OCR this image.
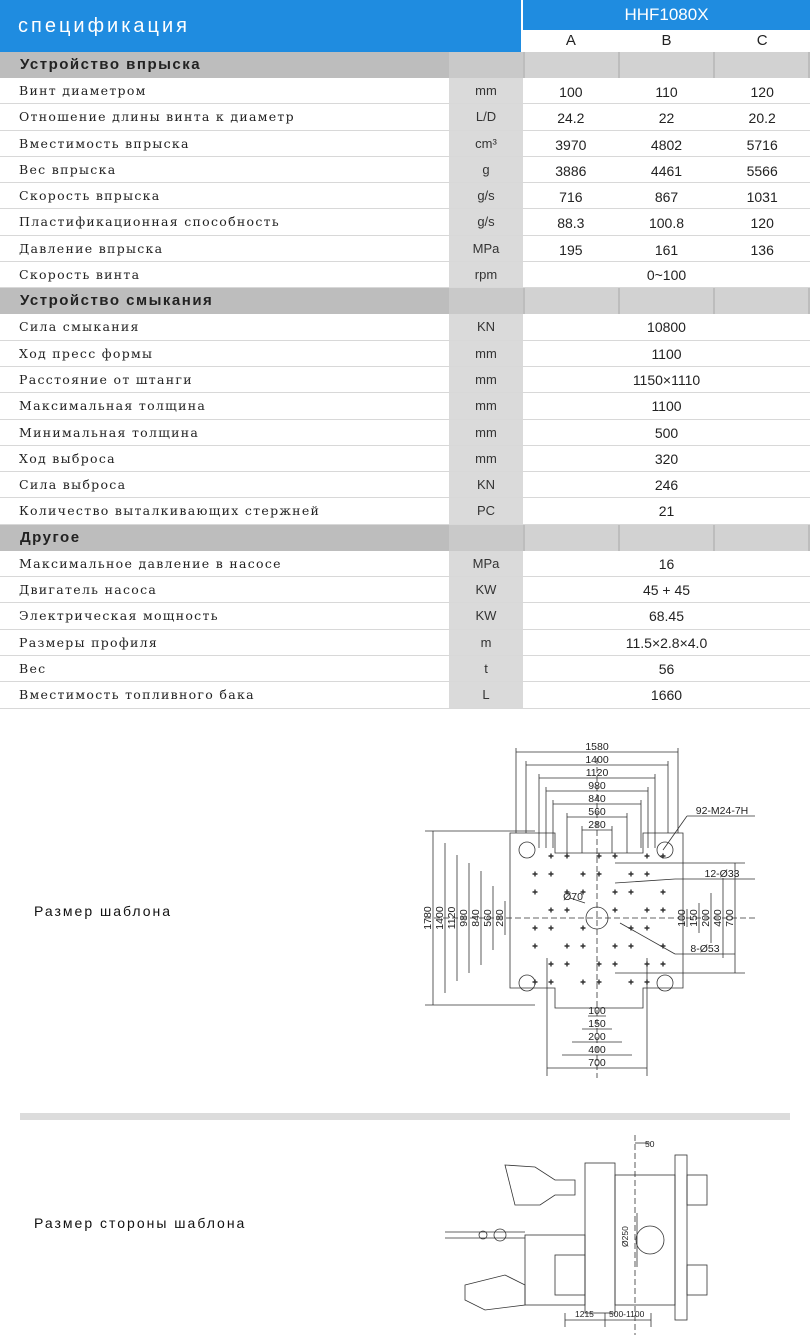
спецификация
HHF1080X
A	B	C
Устройство впрыска
Винт диаметром	mm	100	110	120
Отношение длины винта к диаметр	L/D	24.2	22	20.2
Вместимость впрыска	cm³	3970	4802	5716
Вес впрыска	g	3886	4461	5566
Скорость впрыска	g/s	716	867	1031
Пластификационная способность	g/s	88.3	100.8	120
Давление впрыска	MPa	195	161	136
Скорость винта	rpm	0~100
Устройство смыкания
Сила смыкания	KN	10800
Ход пресс формы	mm	1100
Расстояние от штанги	mm	1150×1110
Максимальная толщина	mm	1100
Минимальная толщина	mm	500
Ход выброса	mm	320
Сила выброса	KN	246
Количество выталкивающих стержней	PC	21
Другое
Максимальное давление в насосе	MPa	16
Двигатель насоса	KW	45 + 45
Электрическая мощность	KW	68.45
Размеры профиля	m	11.5×2.8×4.0
Вес	t	56
Вместимость топливного бака	L	1660
Размер шаблона
1580
1400
1120
980
840
560
280
1780 1400 1120 980 840 560 280	100 150 200 400 700
100
150
200
400
700
92-M24-7H
12-Ø33
Ø70
8-Ø53
Размер стороны шаблона
50
Ø250
1215 500-1100
